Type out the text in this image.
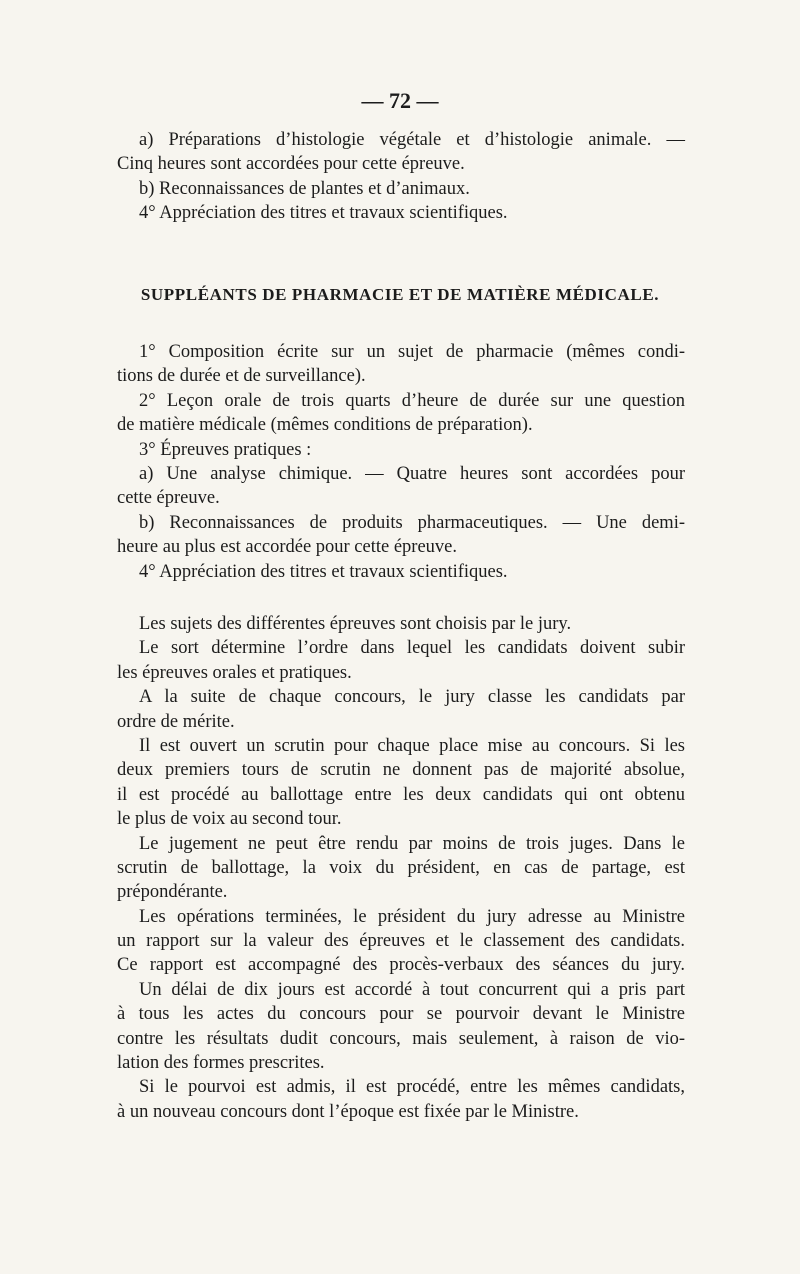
— 72 —
a) Préparations d’histologie végétale et d’histologie animale. —
Cinq heures sont accordées pour cette épreuve.
b) Reconnaissances de plantes et d’animaux.
4° Appréciation des titres et travaux scientifiques.
SUPPLÉANTS DE PHARMACIE ET DE MATIÈRE MÉDICALE.
1° Composition écrite sur un sujet de pharmacie (mêmes condi-
tions de durée et de surveillance).
2° Leçon orale de trois quarts d’heure de durée sur une question
de matière médicale (mêmes conditions de préparation).
3° Épreuves pratiques :
a) Une analyse chimique. — Quatre heures sont accordées pour
cette épreuve.
b) Reconnaissances de produits pharmaceutiques. — Une demi-
heure au plus est accordée pour cette épreuve.
4° Appréciation des titres et travaux scientifiques.
Les sujets des différentes épreuves sont choisis par le jury.
Le sort détermine l’ordre dans lequel les candidats doivent subir
les épreuves orales et pratiques.
A la suite de chaque concours, le jury classe les candidats par
ordre de mérite.
Il est ouvert un scrutin pour chaque place mise au concours. Si les
deux premiers tours de scrutin ne donnent pas de majorité absolue,
il est procédé au ballottage entre les deux candidats qui ont obtenu
le plus de voix au second tour.
Le jugement ne peut être rendu par moins de trois juges. Dans le
scrutin de ballottage, la voix du président, en cas de partage, est
prépondérante.
Les opérations terminées, le président du jury adresse au Ministre
un rapport sur la valeur des épreuves et le classement des candidats.
Ce rapport est accompagné des procès-verbaux des séances du jury.
Un délai de dix jours est accordé à tout concurrent qui a pris part
à tous les actes du concours pour se pourvoir devant le Ministre
contre les résultats dudit concours, mais seulement, à raison de vio-
lation des formes prescrites.
Si le pourvoi est admis, il est procédé, entre les mêmes candidats,
à un nouveau concours dont l’époque est fixée par le Ministre.
